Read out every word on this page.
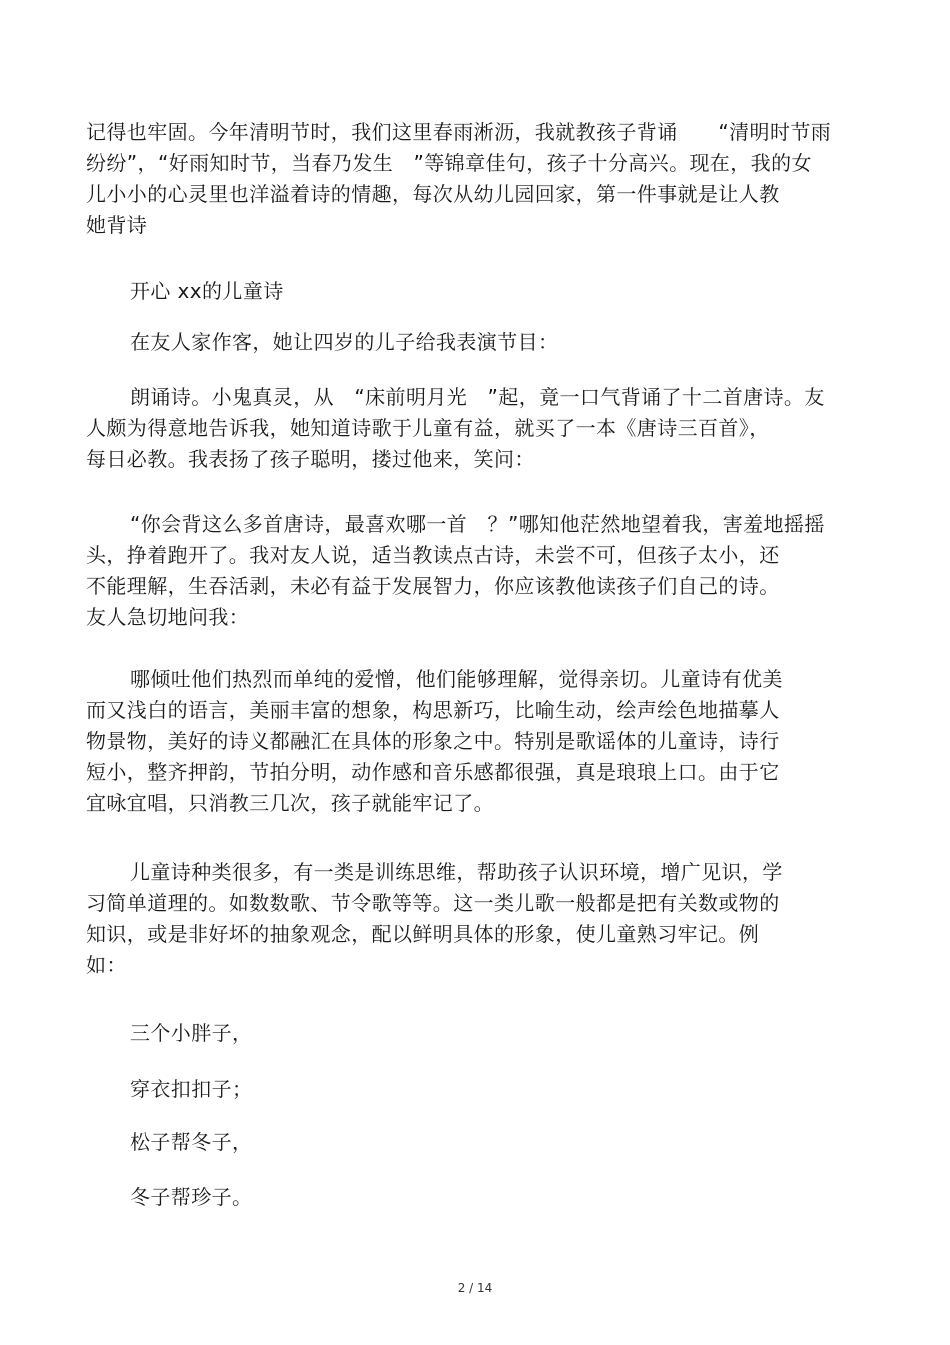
记得也牢固。今年清明节时，我们这里春雨淅沥，我就教孩子背诵　　“清明时节雨
纷纷”，“好雨知时节，当春乃发生　”等锦章佳句，孩子十分高兴。现在，我的女
儿小小的心灵里也洋溢着诗的情趣，每次从幼儿园回家，第一件事就是让人教
她背诗
开心 xx的儿童诗
在友人家作客，她让四岁的儿子给我表演节目：
朗诵诗。小鬼真灵，从　“床前明月光　”起，竟一口气背诵了十二首唐诗。友
人颇为得意地告诉我，她知道诗歌于儿童有益，就买了一本《唐诗三百首》，
每日必教。我表扬了孩子聪明，搂过他来，笑问：
“你会背这么多首唐诗，最喜欢哪一首　？”哪知他茫然地望着我，害羞地摇摇
头，挣着跑开了。我对友人说，适当教读点古诗，未尝不可，但孩子太小，还
不能理解，生吞活剥，未必有益于发展智力，你应该教他读孩子们自己的诗。
友人急切地问我：
哪倾吐他们热烈而单纯的爱憎，他们能够理解，觉得亲切。儿童诗有优美
而又浅白的语言，美丽丰富的想象，构思新巧，比喻生动，绘声绘色地描摹人
物景物，美好的诗义都融汇在具体的形象之中。特别是歌谣体的儿童诗，诗行
短小，整齐押韵，节拍分明，动作感和音乐感都很强，真是琅琅上口。由于它
宜咏宜唱，只消教三几次，孩子就能牢记了。
儿童诗种类很多，有一类是训练思维，帮助孩子认识环境，增广见识，学
习简单道理的。如数数歌、节令歌等等。这一类儿歌一般都是把有关数或物的
知识，或是非好坏的抽象观念，配以鲜明具体的形象，使儿童熟习牢记。例
如：
三个小胖子，
穿衣扣扣子；
松子帮冬子，
冬子帮珍子。
2 / 14
